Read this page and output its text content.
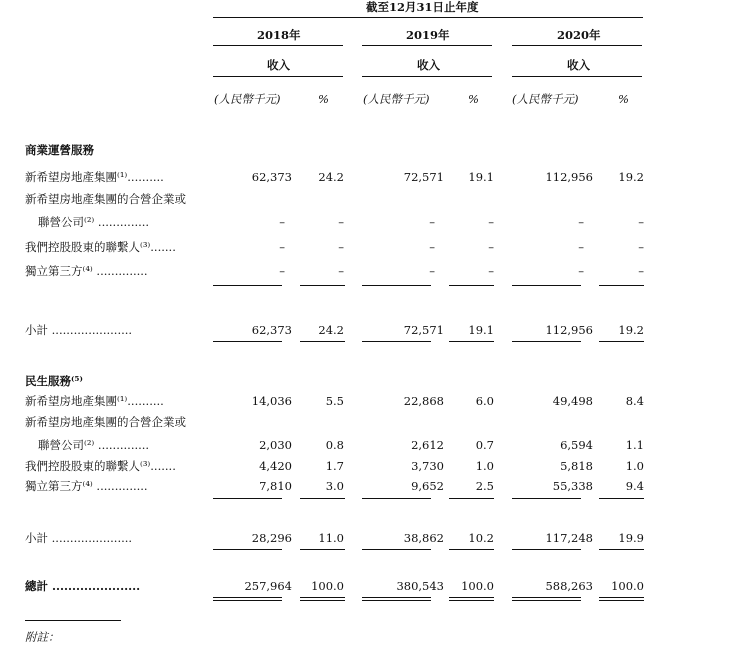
截至12月31日止年度
2018年	2019年	2020年
收入	收入	收入
(人民幣千元)	%	(人民幣千元)	%	(人民幣千元)	%
商業運營服務
新希望房地產集團⁽¹⁾..........	62,373 24.2	72,571 19.1	112,956 19.2
新希望房地產集團的合營企業或
聯營公司⁽²⁾ ..............	–	–	–	–	–	–
我們控股股東的聯繫人⁽³⁾.......	–	–	–	–	–	–
獨立第三方⁽⁴⁾ ..............	–	–	–	–	–	–
小計 ......................	62,373 24.2	72,571 19.1	112,956 19.2
民生服務⁽⁵⁾
新希望房地產集團⁽¹⁾..........	14,036	5.5	22,868	6.0	49,498	8.4
新希望房地產集團的合營企業或
聯營公司⁽²⁾ ..............	2,030	0.8	2,612	0.7	6,594	1.1
我們控股股東的聯繫人⁽³⁾.......	4,420	1.7	3,730	1.0	5,818	1.0
獨立第三方⁽⁴⁾ ..............	7,810	3.0	9,652	2.5	55,338	9.4
小計 ......................	28,296 11.0	38,862 10.2	117,248 19.9
總計 ......................	257,964 100.0	380,543 100.0	588,263 100.0
附註：
